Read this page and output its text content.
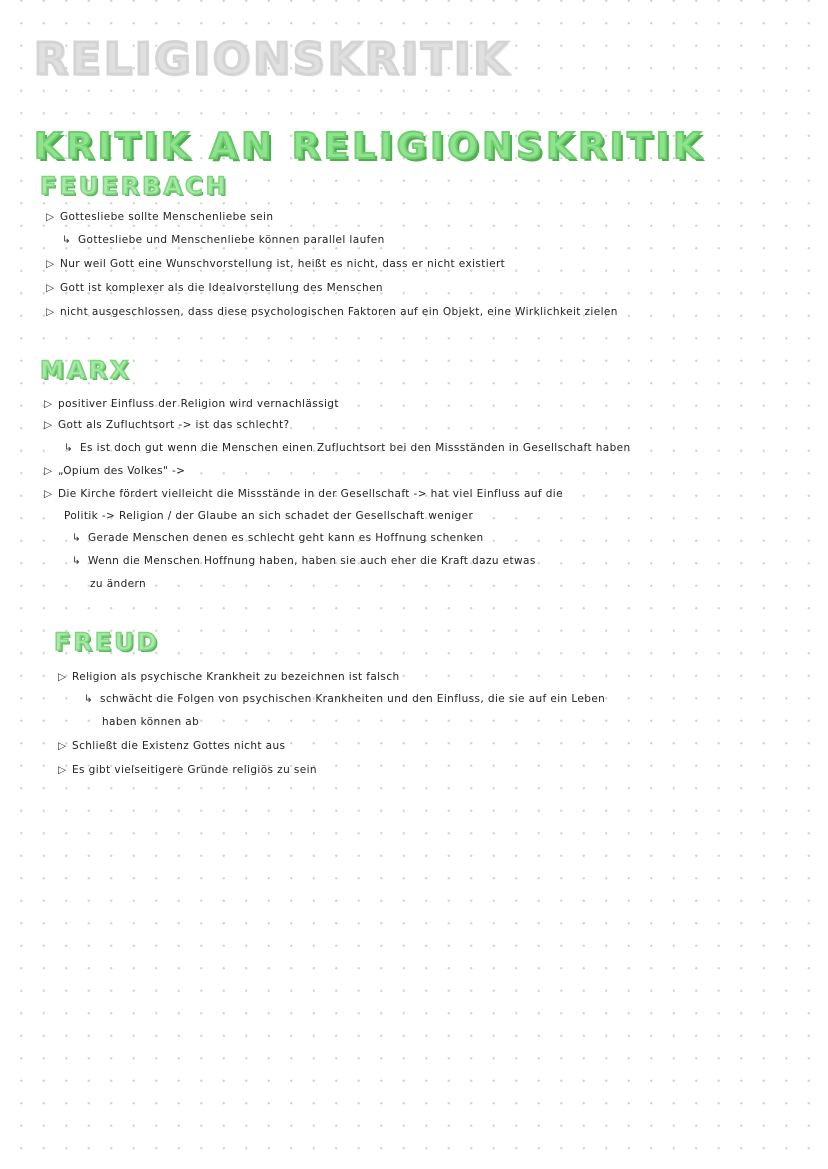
RELIGIONSKRITIK
KRITIK AN RELIGIONSKRITIK
FEUERBACH

▷ Gottesliebe sollte Menschenliebe sein

↳ Gottesliebe und Menschenliebe können parallel laufen

▷ Nur weil Gott eine Wunschvorstellung ist, heißt es nicht, dass er nicht existiert

▷ Gott ist komplexer als die Idealvorstellung des Menschen

▷ nicht ausgeschlossen, dass diese psychologischen Faktoren auf ein Objekt, eine Wirklichkeit zielen

MARX

▷ positiver Einfluss der Religion wird vernachlässigt

▷ Gott als Zufluchtsort -> ist das schlecht?

↳ Es ist doch gut wenn die Menschen einen Zufluchtsort bei den Missständen in Gesellschaft haben

▷ „Opium des Volkes" ->

▷ Die Kirche fördert vielleicht die Missstände in der Gesellschaft -> hat viel Einfluss auf die

Politik -> Religion / der Glaube an sich schadet der Gesellschaft weniger

↳ Gerade Menschen denen es schlecht geht kann es Hoffnung schenken

↳ Wenn die Menschen Hoffnung haben, haben sie auch eher die Kraft dazu etwas

zu ändern

FREUD

▷ Religion als psychische Krankheit zu bezeichnen ist falsch

↳ schwächt die Folgen von psychischen Krankheiten und den Einfluss, die sie auf ein Leben

haben können ab

▷ Schließt die Existenz Gottes nicht aus

▷ Es gibt vielseitigere Gründe religiös zu sein
